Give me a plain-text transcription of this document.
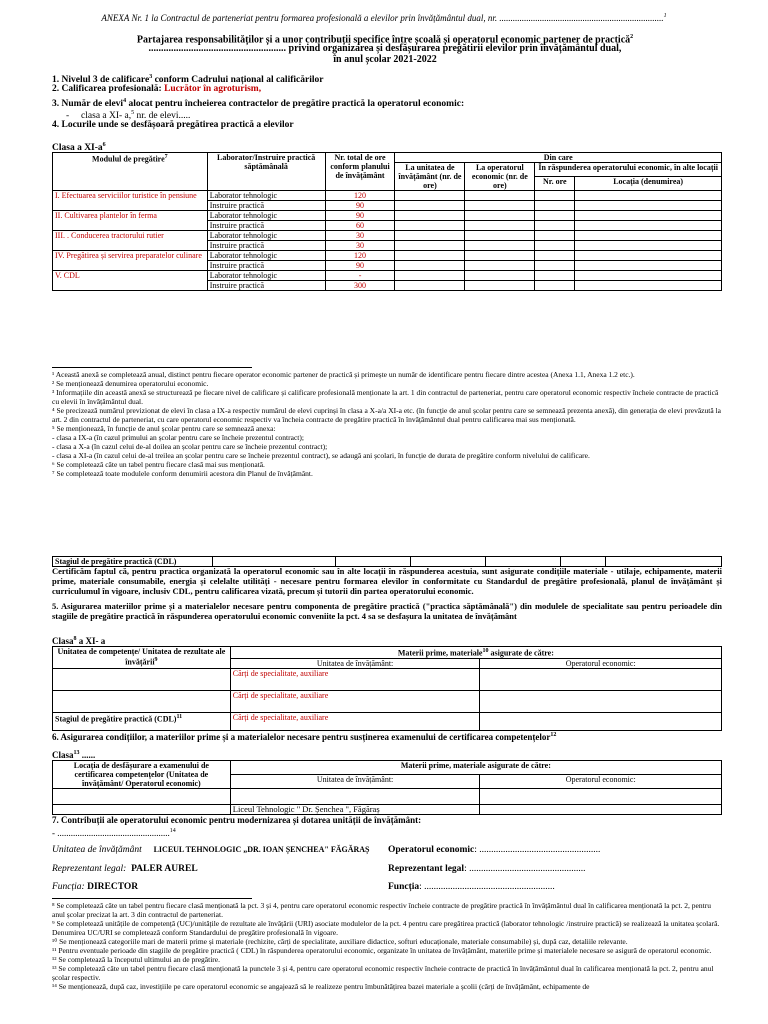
ANEXA Nr. 1 la Contractul de parteneriat pentru formarea profesională a elevilor prin învățământul dual, nr. .........................................................................$^1$
Partajarea responsabilităților și a unor contribuții specifice între școală și operatorul economic partener de practică$^2$
....................................................... privind organizarea și desfășurarea pregătirii elevilor prin învățământul dual,
în anul școlar 2021-2022
1. Nivelul 3 de calificare$^3$ conform Cadrului național al calificărilor
2. Calificarea profesională: Lucrător în agroturism,
3. Număr de elevi$^4$ alocat pentru încheierea contractelor de pregătire practică la operatorul economic:
-     clasa a XI- a,$^5$ nr. de elevi.....
4. Locurile unde se desfășoară pregătirea practică a elevilor
Clasa a $XI-a^6$
Modulul de pregătire$^7$	Laborator/Instruire practică săptămânală	Nr. total de ore conform planului de învățământ	Din care			
			La unitatea de învățământ (nr. de ore)	La operatorul economic (nr. de ore)	În răspunderea operatorului economic, în alte locații	
					Nr. ore	Locația (denumirea)
I. Efectuarea serviciilor turistice în pensiune	Laborator tehnologic	120				
	Instruire practică	90				
II. Cultivarea plantelor în ferma	Laborator tehnologic	90				
	Instruire practică	60				
III. . Conducerea tractorului rutier	Laborator tehnologic	30				
	Instruire practică	30				
IV. Pregătirea și servirea preparatelor culinare	Laborator tehnologic	120				
	Instruire practică	90				
V. CDL	Laborator tehnologic	-				
	Instruire practică	300				
¹ Această anexă se completează anual, distinct pentru fiecare operator economic partener de practică și primește un număr de identificare pentru fiecare dintre acestea (Anexa 1.1, Anexa 1.2 etc.).
² Se menționează denumirea operatorului economic.
³ Informațiile din această anexă se structurează pe fiecare nivel de calificare și calificare profesională menționate la art. 1 din contractul de parteneriat, pentru care operatorul economic respectiv încheie contracte de practică cu elevii în învățământul dual.
⁴ Se precizează numărul previzionat de elevi în clasa a IX-a respectiv numărul de elevi cuprinși în clasa a X-a/a XI-a etc. (în funcție de anul școlar pentru care se semnează prezenta anexă), din generația de elevi prevăzută la art. 2 din contractul de parteneriat, cu care operatorul economic respectiv va încheia contracte de pregătire practică în învățământul dual pentru calificarea mai sus menționată.
⁵ Se menționează, în funcție de anul școlar pentru care se semnează anexa:
- clasa a IX-a (în cazul primului an școlar pentru care se încheie prezentul contract);
- clasa a X-a (în cazul celui de-al doilea an școlar pentru care se încheie prezentul contract);
- clasa a XI-a (în cazul celui de-al treilea an școlar pentru care se încheie prezentul contract), se adaugă ani școlari, în funcție de durata de pregătire conform nivelului de calificare.
⁶ Se completează câte un tabel pentru fiecare clasă mai sus menționată.
⁷ Se completează toate modulele conform denumirii acestora din Planul de învățământ.
Stagiul de pregătire practică (CDL)						
Certificăm faptul că, pentru practica organizată la operatorul economic sau în alte locații în răspunderea acestuia, sunt asigurate condițiile materiale - utilaje, echipamente, materii prime, materiale consumabile, energia și celelalte utilități - necesare pentru formarea elevilor în conformitate cu Standardul de pregătire profesională, planul de învățământ și curriculumul în vigoare, inclusiv CDL, pentru calificarea vizată, precum și tutorii din partea operatorului economic.
5. Asigurarea materiilor prime și a materialelor necesare pentru componenta de pregătire practică ("practica săptămânală") din modulele de specialitate sau pentru perioadele din stagiile de pregătire practică în răspunderea operatorului economic conveniite la pct. 4 sa se desfașura la unitatea de învățământ
Clasa$^8$ a XI- a
Unitatea de competențe/ Unitatea de rezultate ale învățării$^9$	Materii prime, materiale$^{10}$ asigurate de către:	
	Unitatea de învățământ:	Operatorul economic:
	Cărți de specialitate, auxiliare	
	Cărți de specialitate, auxiliare	
Stagiul de pregătire practică (CDL)$^{11}$	Cărți de specialitate, auxiliare	
6. Asigurarea condițiilor, a materiilor prime și a materialelor necesare pentru susținerea examenului de certificarea competențelor$^{12}$
Clasa$^{13}$ ......
Locația de desfășurare a examenului de certificarea competențelor (Unitatea de învățământ/ Operatorul economic)	Materii prime, materiale asigurate de către:	
	Unitatea de învățământ:	Operatorul economic:

	Liceul Tehnologic " Dr. Șenchea ", Făgăraș	
7. Contribuții ale operatorului economic pentru modernizarea și dotarea unității de învățământ:
- ..................................................$^{14}$
Unitatea de învățământ LICEUL TEHNOLOGIC „DR. IOAN ȘENCHEA" FĂGĂRAȘ
Reprezentant legal: PALER AUREL
Funcția: DIRECTOR
Operatorul economic: ...................................................
Reprezentant legal: .................................................
Funcția: .......................................................
⁸ Se completează câte un tabel pentru fiecare clasă menționată la pct. 3 și 4, pentru care operatorul economic respectiv încheie contracte de pregătire practică în învățământul dual în calificarea menționată la pct. 2, pentru anul școlar precizat la art. 3 din contractul de parteneriat.
⁹ Se completează unitățile de competență (UC)/unitățile de rezultate ale învățării (URI) asociate modulelor de la pct. 4 pentru care pregătirea practică (laborator tehnologic /instruire practică) se realizează la unitatea școlară. Denumirea UC/URI se completează conform Standardului de pregătire profesională în vigoare.
¹⁰ Se menționează categoriile mari de materii prime și materiale (rechizite, cărți de specialitate, auxiliare didactice, softuri educaționale, materiale consumabile) și, după caz, detaliile relevante.
¹¹ Pentru eventuale perioade din stagiile de pregătire practică ( CDL) în răspunderea operatorului economic, organizate în unitatea de învățământ, materiile prime și materialele necesare se asigură de operatorul economic.
¹² Se completează la începutul ultimului an de pregătire.
¹³ Se completează câte un tabel pentru fiecare clasă menționată la punctele 3 și 4, pentru care operatorul economic respectiv încheie contracte de practică în învățământul dual în calificarea menționată la pct. 2, pentru anul școlar respectiv.
¹⁴ Se menționează, după caz, investițiile pe care operatorul economic se angajează să le realizeze pentru îmbunătățirea bazei materiale a școlii (cărți de învățământ, echipamente de
